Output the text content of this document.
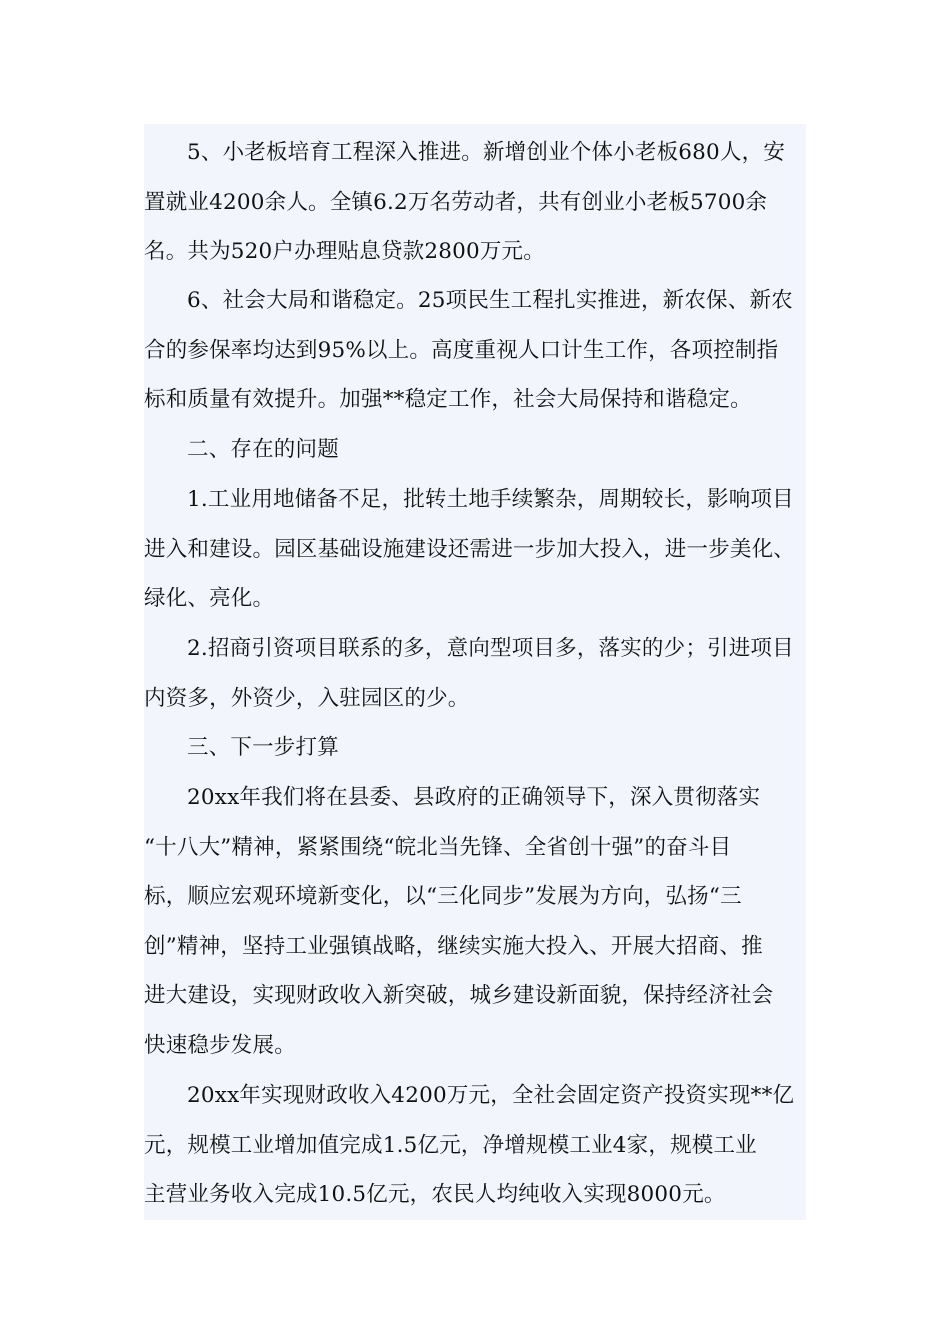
5、小老板培育工程深入推进。新增创业个体小老板680人，安
置就业4200余人。全镇6.2万名劳动者，共有创业小老板5700余
名。共为520户办理贴息贷款2800万元。

6、社会大局和谐稳定。25项民生工程扎实推进，新农保、新农
合的参保率均达到95%以上。高度重视人口计生工作，各项控制指
标和质量有效提升。加强**稳定工作，社会大局保持和谐稳定。

二、存在的问题

1.工业用地储备不足，批转土地手续繁杂，周期较长，影响项目
进入和建设。园区基础设施建设还需进一步加大投入，进一步美化、
绿化、亮化。

2.招商引资项目联系的多，意向型项目多，落实的少；引进项目
内资多，外资少，入驻园区的少。

三、下一步打算

20xx年我们将在县委、县政府的正确领导下，深入贯彻落实
“十八大”精神，紧紧围绕“皖北当先锋、全省创十强”的奋斗目
标，顺应宏观环境新变化，以“三化同步”发展为方向，弘扬“三
创”精神，坚持工业强镇战略，继续实施大投入、开展大招商、推
进大建设，实现财政收入新突破，城乡建设新面貌，保持经济社会
快速稳步发展。

20xx年实现财政收入4200万元，全社会固定资产投资实现**亿
元，规模工业增加值完成1.5亿元，净增规模工业4家，规模工业
主营业务收入完成10.5亿元，农民人均纯收入实现8000元。
